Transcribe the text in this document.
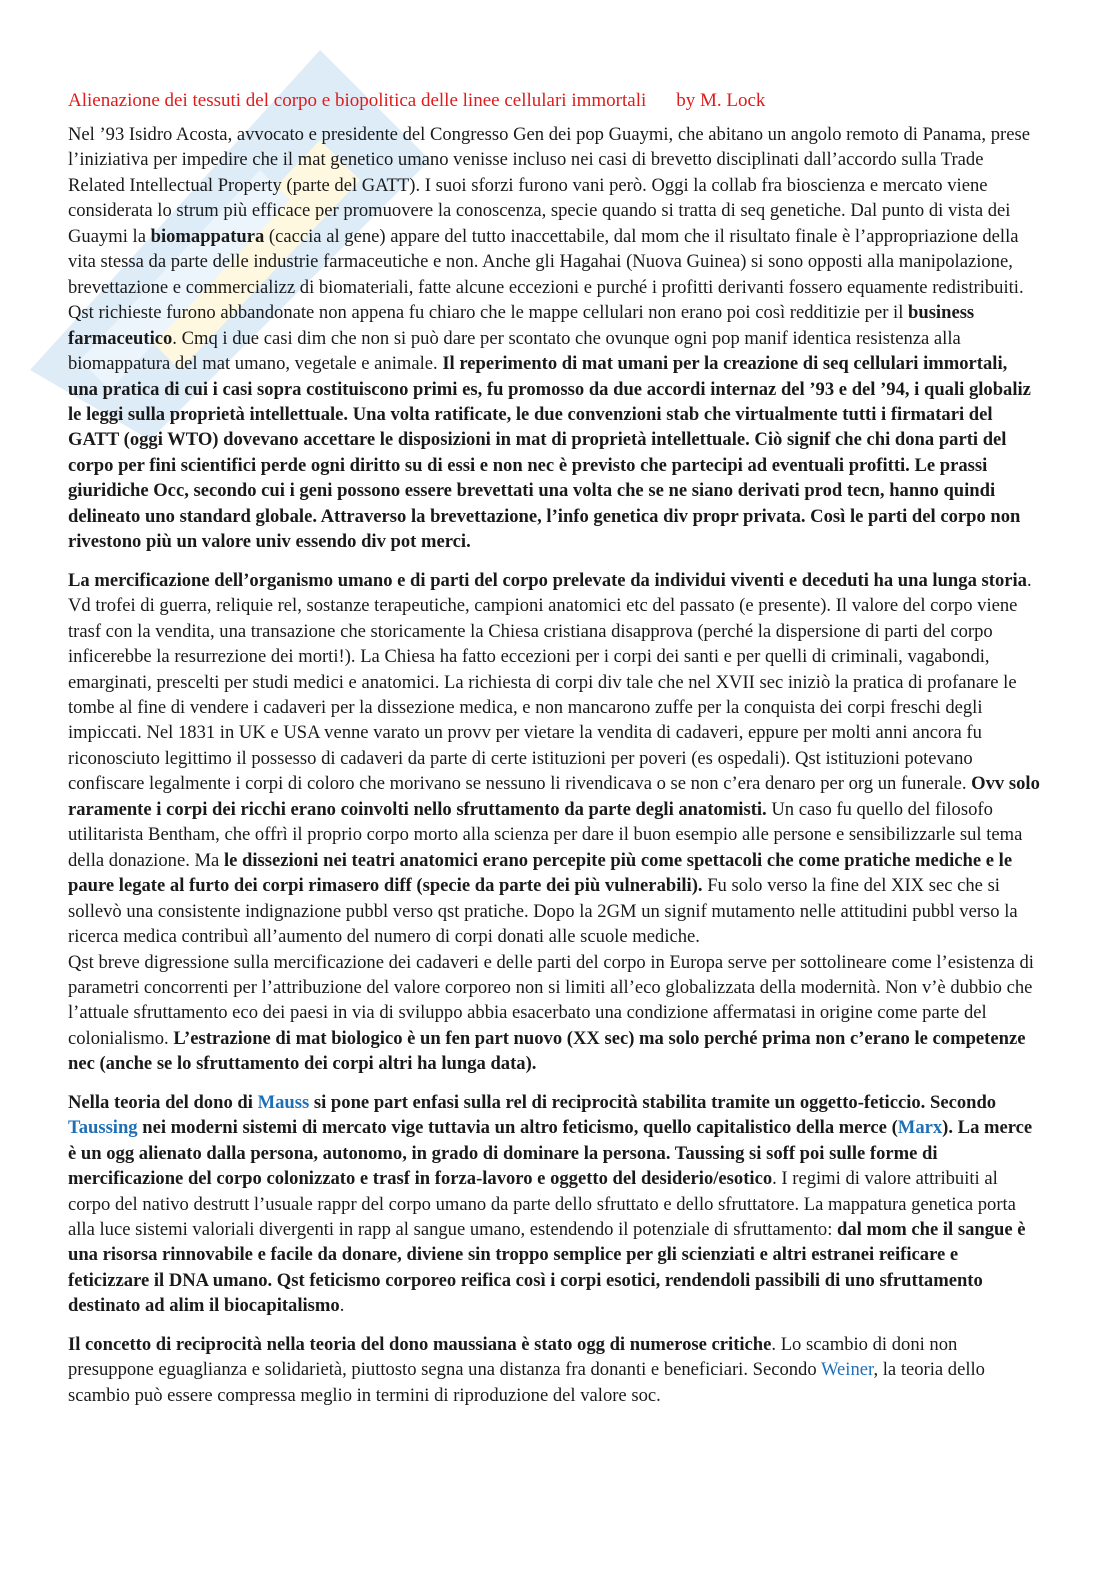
Alienazione dei tessuti del corpo e biopolitica delle linee cellulari immortali by M. Lock

Nel ’93 Isidro Acosta, avvocato e presidente del Congresso Gen dei pop Guaymi, che abitano un angolo remoto di Panama, prese l’iniziativa per impedire che il mat genetico umano venisse incluso nei casi di brevetto disciplinati dall’accordo sulla Trade Related Intellectual Property (parte del GATT). I suoi sforzi furono vani però. Oggi la collab fra bioscienza e mercato viene considerata lo strum più efficace per promuovere la conoscenza, specie quando si tratta di seq genetiche. Dal punto di vista dei Guaymi la biomappatura (caccia al gene) appare del tutto inaccettabile, dal mom che il risultato finale è l’appropriazione della vita stessa da parte delle industrie farmaceutiche e non. Anche gli Hagahai (Nuova Guinea) si sono opposti alla manipolazione, brevettazione e commercializz di biomateriali, fatte alcune eccezioni e purché i profitti derivanti fossero equamente redistribuiti. Qst richieste furono abbandonate non appena fu chiaro che le mappe cellulari non erano poi così redditizie per il business farmaceutico. Cmq i due casi dim che non si può dare per scontato che ovunque ogni pop manif identica resistenza alla biomappatura del mat umano, vegetale e animale. Il reperimento di mat umani per la creazione di seq cellulari immortali, una pratica di cui i casi sopra costituiscono primi es, fu promosso da due accordi internaz del ’93 e del ’94, i quali globaliz le leggi sulla proprietà intellettuale. Una volta ratificate, le due convenzioni stab che virtualmente tutti i firmatari del GATT (oggi WTO) dovevano accettare le disposizioni in mat di proprietà intellettuale. Ciò signif che chi dona parti del corpo per fini scientifici perde ogni diritto su di essi e non nec è previsto che partecipi ad eventuali profitti. Le prassi giuridiche Occ, secondo cui i geni possono essere brevettati una volta che se ne siano derivati prod tecn, hanno quindi delineato uno standard globale. Attraverso la brevettazione, l’info genetica div propr privata. Così le parti del corpo non rivestono più un valore univ essendo div pot merci.

La mercificazione dell’organismo umano e di parti del corpo prelevate da individui viventi e deceduti ha una lunga storia. Vd trofei di guerra, reliquie rel, sostanze terapeutiche, campioni anatomici etc del passato (e presente). Il valore del corpo viene trasf con la vendita, una transazione che storicamente la Chiesa cristiana disapprova (perché la dispersione di parti del corpo inficerebbe la resurrezione dei morti!). La Chiesa ha fatto eccezioni per i corpi dei santi e per quelli di criminali, vagabondi, emarginati, prescelti per studi medici e anatomici. La richiesta di corpi div tale che nel XVII sec iniziò la pratica di profanare le tombe al fine di vendere i cadaveri per la dissezione medica, e non mancarono zuffe per la conquista dei corpi freschi degli impiccati. Nel 1831 in UK e USA venne varato un provv per vietare la vendita di cadaveri, eppure per molti anni ancora fu riconosciuto legittimo il possesso di cadaveri da parte di certe istituzioni per poveri (es ospedali). Qst istituzioni potevano confiscare legalmente i corpi di coloro che morivano se nessuno li rivendicava o se non c’era denaro per org un funerale. Ovv solo raramente i corpi dei ricchi erano coinvolti nello sfruttamento da parte degli anatomisti. Un caso fu quello del filosofo utilitarista Bentham, che offrì il proprio corpo morto alla scienza per dare il buon esempio alle persone e sensibilizzarle sul tema della donazione. Ma le dissezioni nei teatri anatomici erano percepite più come spettacoli che come pratiche mediche e le paure legate al furto dei corpi rimasero diff (specie da parte dei più vulnerabili). Fu solo verso la fine del XIX sec che si sollevò una consistente indignazione pubbl verso qst pratiche. Dopo la 2GM un signif mutamento nelle attitudini pubbl verso la ricerca medica contribuì all’aumento del numero di corpi donati alle scuole mediche.
Qst breve digressione sulla mercificazione dei cadaveri e delle parti del corpo in Europa serve per sottolineare come l’esistenza di parametri concorrenti per l’attribuzione del valore corporeo non si limiti all’eco globalizzata della modernità. Non v’è dubbio che l’attuale sfruttamento eco dei paesi in via di sviluppo abbia esacerbato una condizione affermatasi in origine come parte del colonialismo. L’estrazione di mat biologico è un fen part nuovo (XX sec) ma solo perché prima non c’erano le competenze nec (anche se lo sfruttamento dei corpi altri ha lunga data).

Nella teoria del dono di Mauss si pone part enfasi sulla rel di reciprocità stabilita tramite un oggetto-feticcio. Secondo Taussing nei moderni sistemi di mercato vige tuttavia un altro feticismo, quello capitalistico della merce (Marx). La merce è un ogg alienato dalla persona, autonomo, in grado di dominare la persona. Taussing si soff poi sulle forme di mercificazione del corpo colonizzato e trasf in forza-lavoro e oggetto del desiderio/esotico. I regimi di valore attribuiti al corpo del nativo destrutt l’usuale rappr del corpo umano da parte dello sfruttato e dello sfruttatore. La mappatura genetica porta alla luce sistemi valoriali divergenti in rapp al sangue umano, estendendo il potenziale di sfruttamento: dal mom che il sangue è una risorsa rinnovabile e facile da donare, diviene sin troppo semplice per gli scienziati e altri estranei reificare e feticizzare il DNA umano. Qst feticismo corporeo reifica così i corpi esotici, rendendoli passibili di uno sfruttamento destinato ad alim il biocapitalismo.

Il concetto di reciprocità nella teoria del dono maussiana è stato ogg di numerose critiche. Lo scambio di doni non presuppone eguaglianza e solidarietà, piuttosto segna una distanza fra donanti e beneficiari. Secondo Weiner, la teoria dello scambio può essere compressa meglio in termini di riproduzione del valore soc.
